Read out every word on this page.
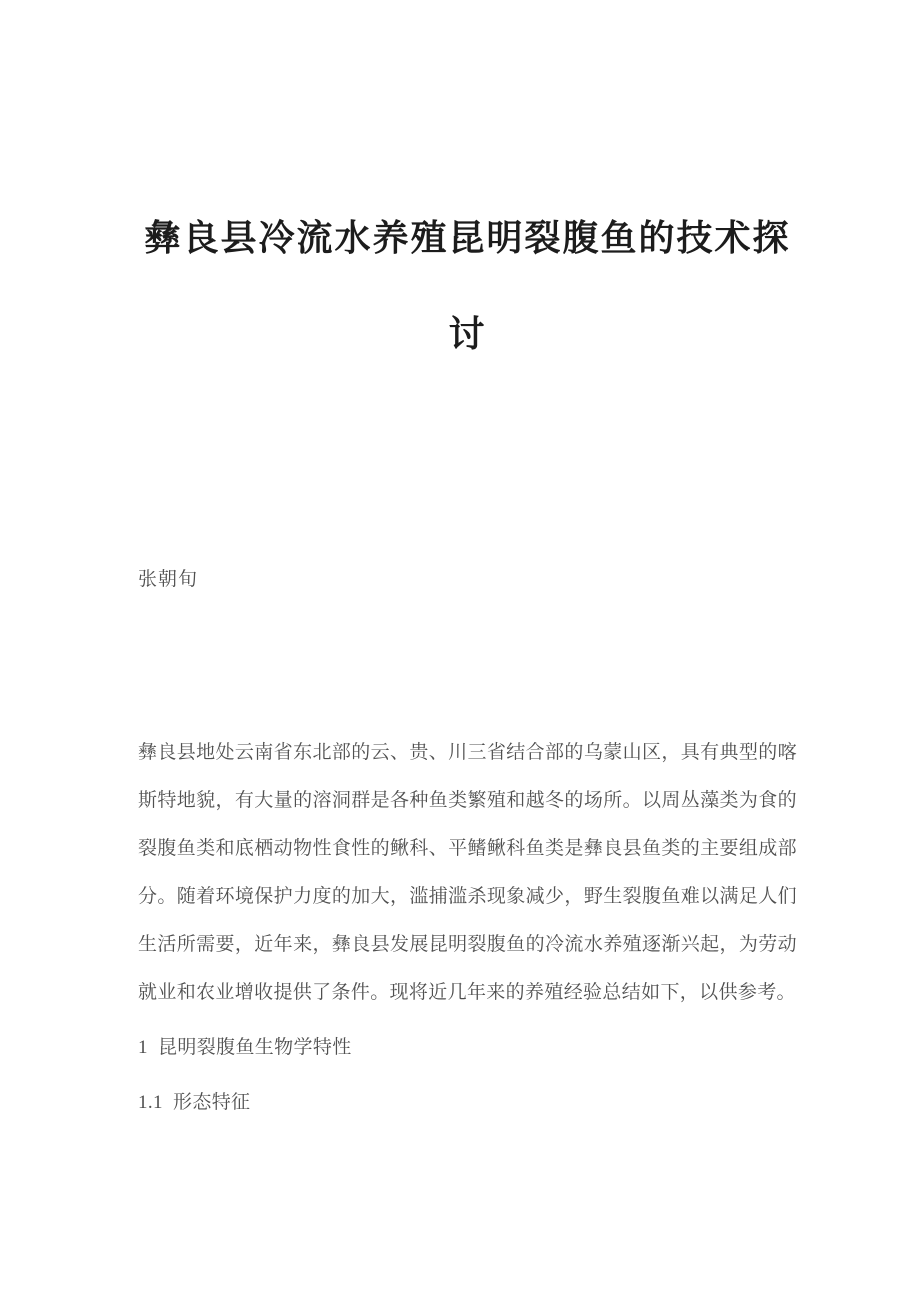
彝良县冷流水养殖昆明裂腹鱼的技术探讨
张朝旬

彝良县地处云南省东北部的云、贵、川三省结合部的乌蒙山区，具有典型的喀斯特地貌，有大量的溶洞群是各种鱼类繁殖和越冬的场所。以周丛藻类为食的裂腹鱼类和底栖动物性食性的鳅科、平鳍鳅科鱼类是彝良县鱼类的主要组成部分。随着环境保护力度的加大，滥捕滥杀现象减少，野生裂腹鱼难以满足人们生活所需要，近年来，彝良县发展昆明裂腹鱼的冷流水养殖逐渐兴起，为劳动就业和农业增收提供了条件。现将近几年来的养殖经验总结如下，以供参考。

1  昆明裂腹鱼生物学特性
1.1  形态特征
